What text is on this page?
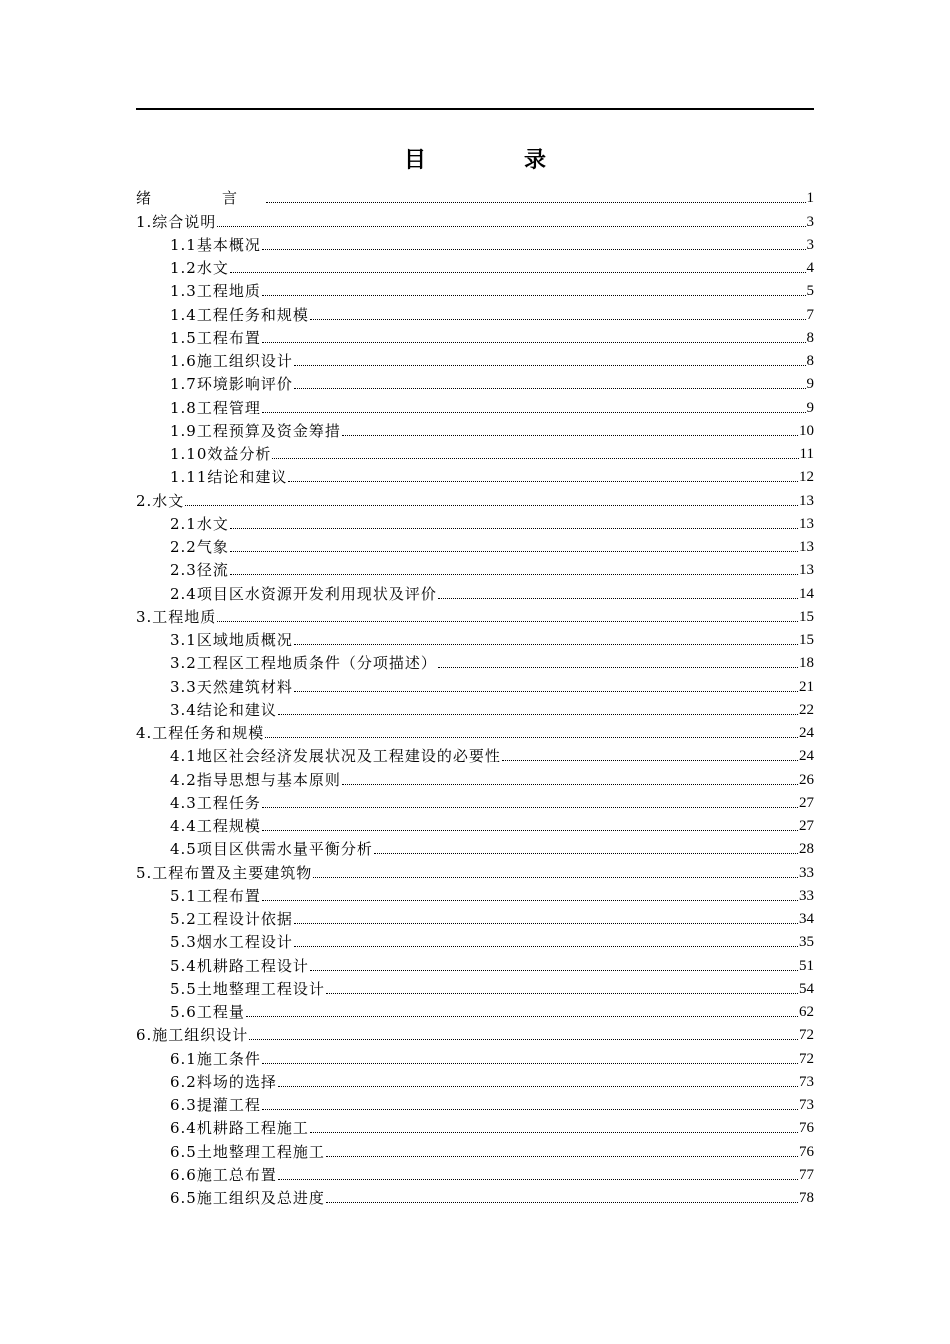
目　录
绪　言	1
1.综合说明	3
1.1基本概况	3
1.2水文	4
1.3工程地质	5
1.4工程任务和规模	7
1.5工程布置	8
1.6施工组织设计	8
1.7环境影响评价	9
1.8工程管理	9
1.9工程预算及资金筹措	10
1.10效益分析	11
1.11结论和建议	12
2.水文	13
2.1水文	13
2.2气象	13
2.3径流	13
2.4项目区水资源开发利用现状及评价	14
3.工程地质	15
3.1区域地质概况	15
3.2工程区工程地质条件（分项描述）	18
3.3天然建筑材料	21
3.4结论和建议	22
4.工程任务和规模	24
4.1地区社会经济发展状况及工程建设的必要性	24
4.2指导思想与基本原则	26
4.3工程任务	27
4.4工程规模	27
4.5项目区供需水量平衡分析	28
5.工程布置及主要建筑物	33
5.1工程布置	33
5.2工程设计依据	34
5.3烟水工程设计	35
5.4机耕路工程设计	51
5.5土地整理工程设计	54
5.6工程量	62
6.施工组织设计	72
6.1施工条件	72
6.2料场的选择	73
6.3提灌工程	73
6.4机耕路工程施工	76
6.5土地整理工程施工	76
6.6施工总布置	77
6.5施工组织及总进度	78
